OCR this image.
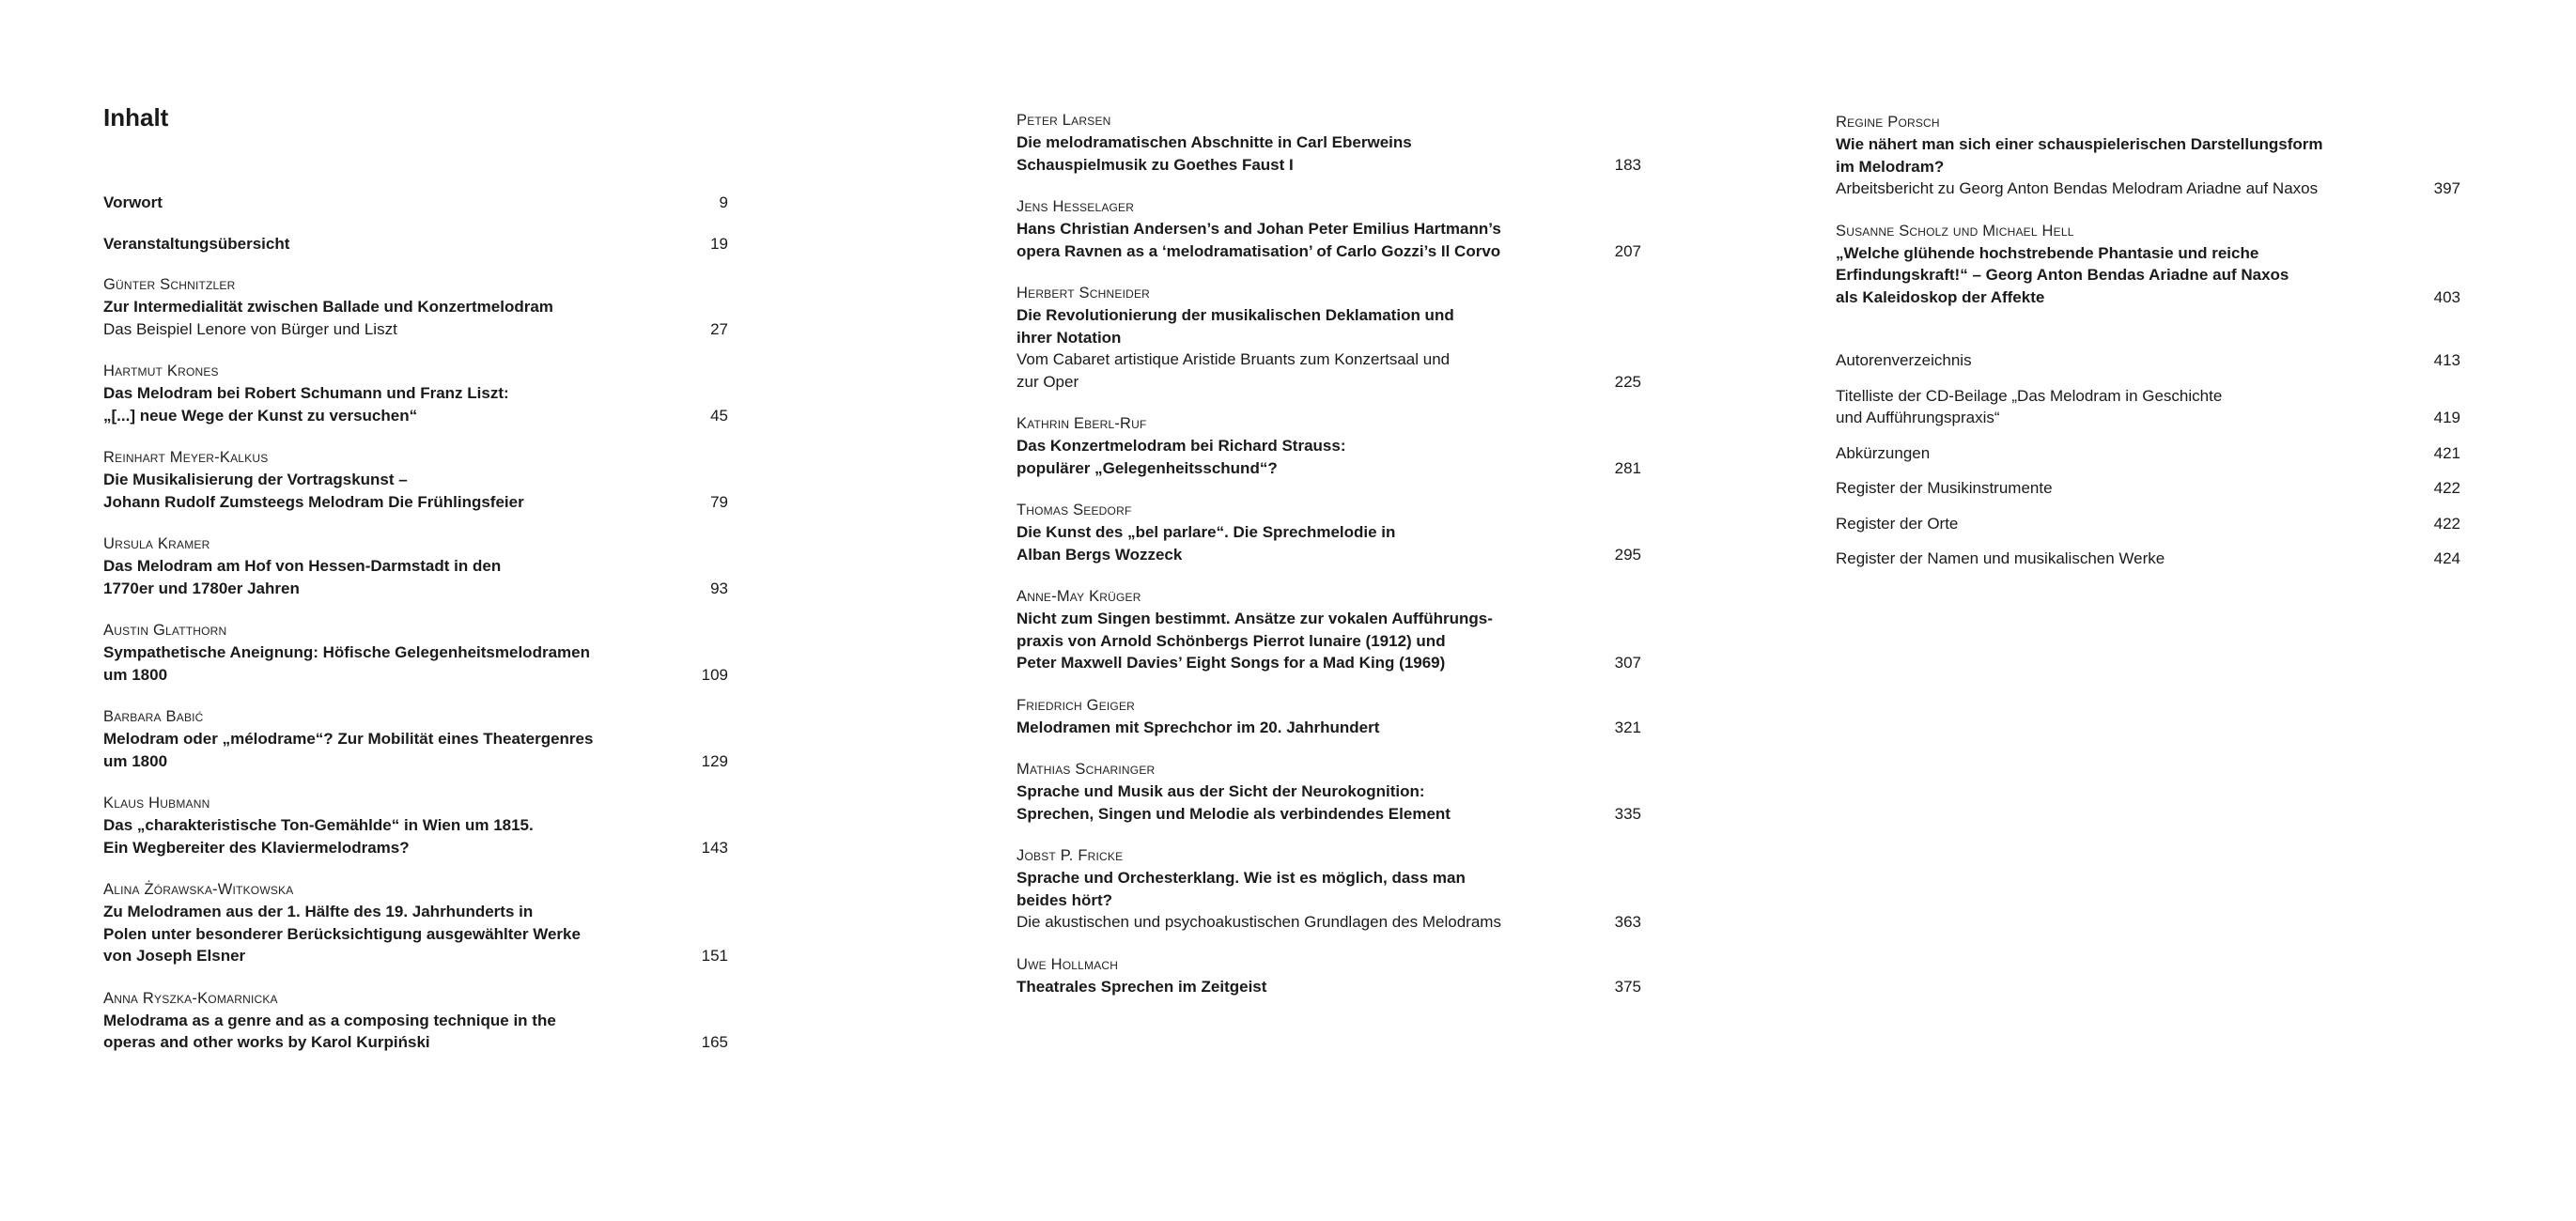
Inhalt
Vorwort	9
Veranstaltungsübersicht	19
Günter Schnitzler
Zur Intermedialität zwischen Ballade und Konzertmelodram
Das Beispiel Lenore von Bürger und Liszt	27
Hartmut Krones
Das Melodram bei Robert Schumann und Franz Liszt:
„[...] neue Wege der Kunst zu versuchen“	45
Reinhart Meyer-Kalkus
Die Musikalisierung der Vortragskunst –
Johann Rudolf Zumsteegs Melodram Die Frühlingsfeier	79
Ursula Kramer
Das Melodram am Hof von Hessen-Darmstadt in den
1770er und 1780er Jahren	93
Austin Glatthorn
Sympathetische Aneignung: Höfische Gelegenheitsmelodramen
um 1800	109
Barbara Babić
Melodram oder „mélodrame“? Zur Mobilität eines Theatergenres
um 1800	129
Klaus Hubmann
Das „charakteristische Ton-Gemählde“ in Wien um 1815.
Ein Wegbereiter des Klaviermelodrams?	143
Alina Żórawska-Witkowska
Zu Melodramen aus der 1. Hälfte des 19. Jahrhunderts in
Polen unter besonderer Berücksichtigung ausgewählter Werke
von Joseph Elsner	151
Anna Ryszka-Komarnicka
Melodrama as a genre and as a composing technique in the
operas and other works by Karol Kurpiński	165
Peter Larsen
Die melodramatischen Abschnitte in Carl Eberweins
Schauspielmusik zu Goethes Faust I	183
Jens Hesselager
Hans Christian Andersen’s and Johan Peter Emilius Hartmann’s
opera Ravnen as a ‘melodramatisation’ of Carlo Gozzi’s Il Corvo	207
Herbert Schneider
Die Revolutionierung der musikalischen Deklamation und
ihrer Notation
Vom Cabaret artistique Aristide Bruants zum Konzertsaal und
zur Oper	225
Kathrin Eberl-Ruf
Das Konzertmelodram bei Richard Strauss:
populärer „Gelegenheitsschund“?	281
Thomas Seedorf
Die Kunst des „bel parlare“. Die Sprechmelodie in
Alban Bergs Wozzeck	295
Anne-May Krüger
Nicht zum Singen bestimmt. Ansätze zur vokalen Aufführungs-
praxis von Arnold Schönbergs Pierrot lunaire (1912) und
Peter Maxwell Davies’ Eight Songs for a Mad King (1969)	307
Friedrich Geiger
Melodramen mit Sprechchor im 20. Jahrhundert	321
Mathias Scharinger
Sprache und Musik aus der Sicht der Neurokognition:
Sprechen, Singen und Melodie als verbindendes Element	335
Jobst P. Fricke
Sprache und Orchesterklang. Wie ist es möglich, dass man
beides hört?
Die akustischen und psychoakustischen Grundlagen des Melodrams	363
Uwe Hollmach
Theatrales Sprechen im Zeitgeist	375
Regine Porsch
Wie nähert man sich einer schauspielerischen Darstellungsform
im Melodram?
Arbeitsbericht zu Georg Anton Bendas Melodram Ariadne auf Naxos	397
Susanne Scholz und Michael Hell
„Welche glühende hochstrebende Phantasie und reiche
Erfindungskraft!“ – Georg Anton Bendas Ariadne auf Naxos
als Kaleidoskop der Affekte	403
Autorenverzeichnis	413
Titelliste der CD-Beilage „Das Melodram in Geschichte
und Aufführungspraxis“	419
Abkürzungen	421
Register der Musikinstrumente	422
Register der Orte	422
Register der Namen und musikalischen Werke	424
